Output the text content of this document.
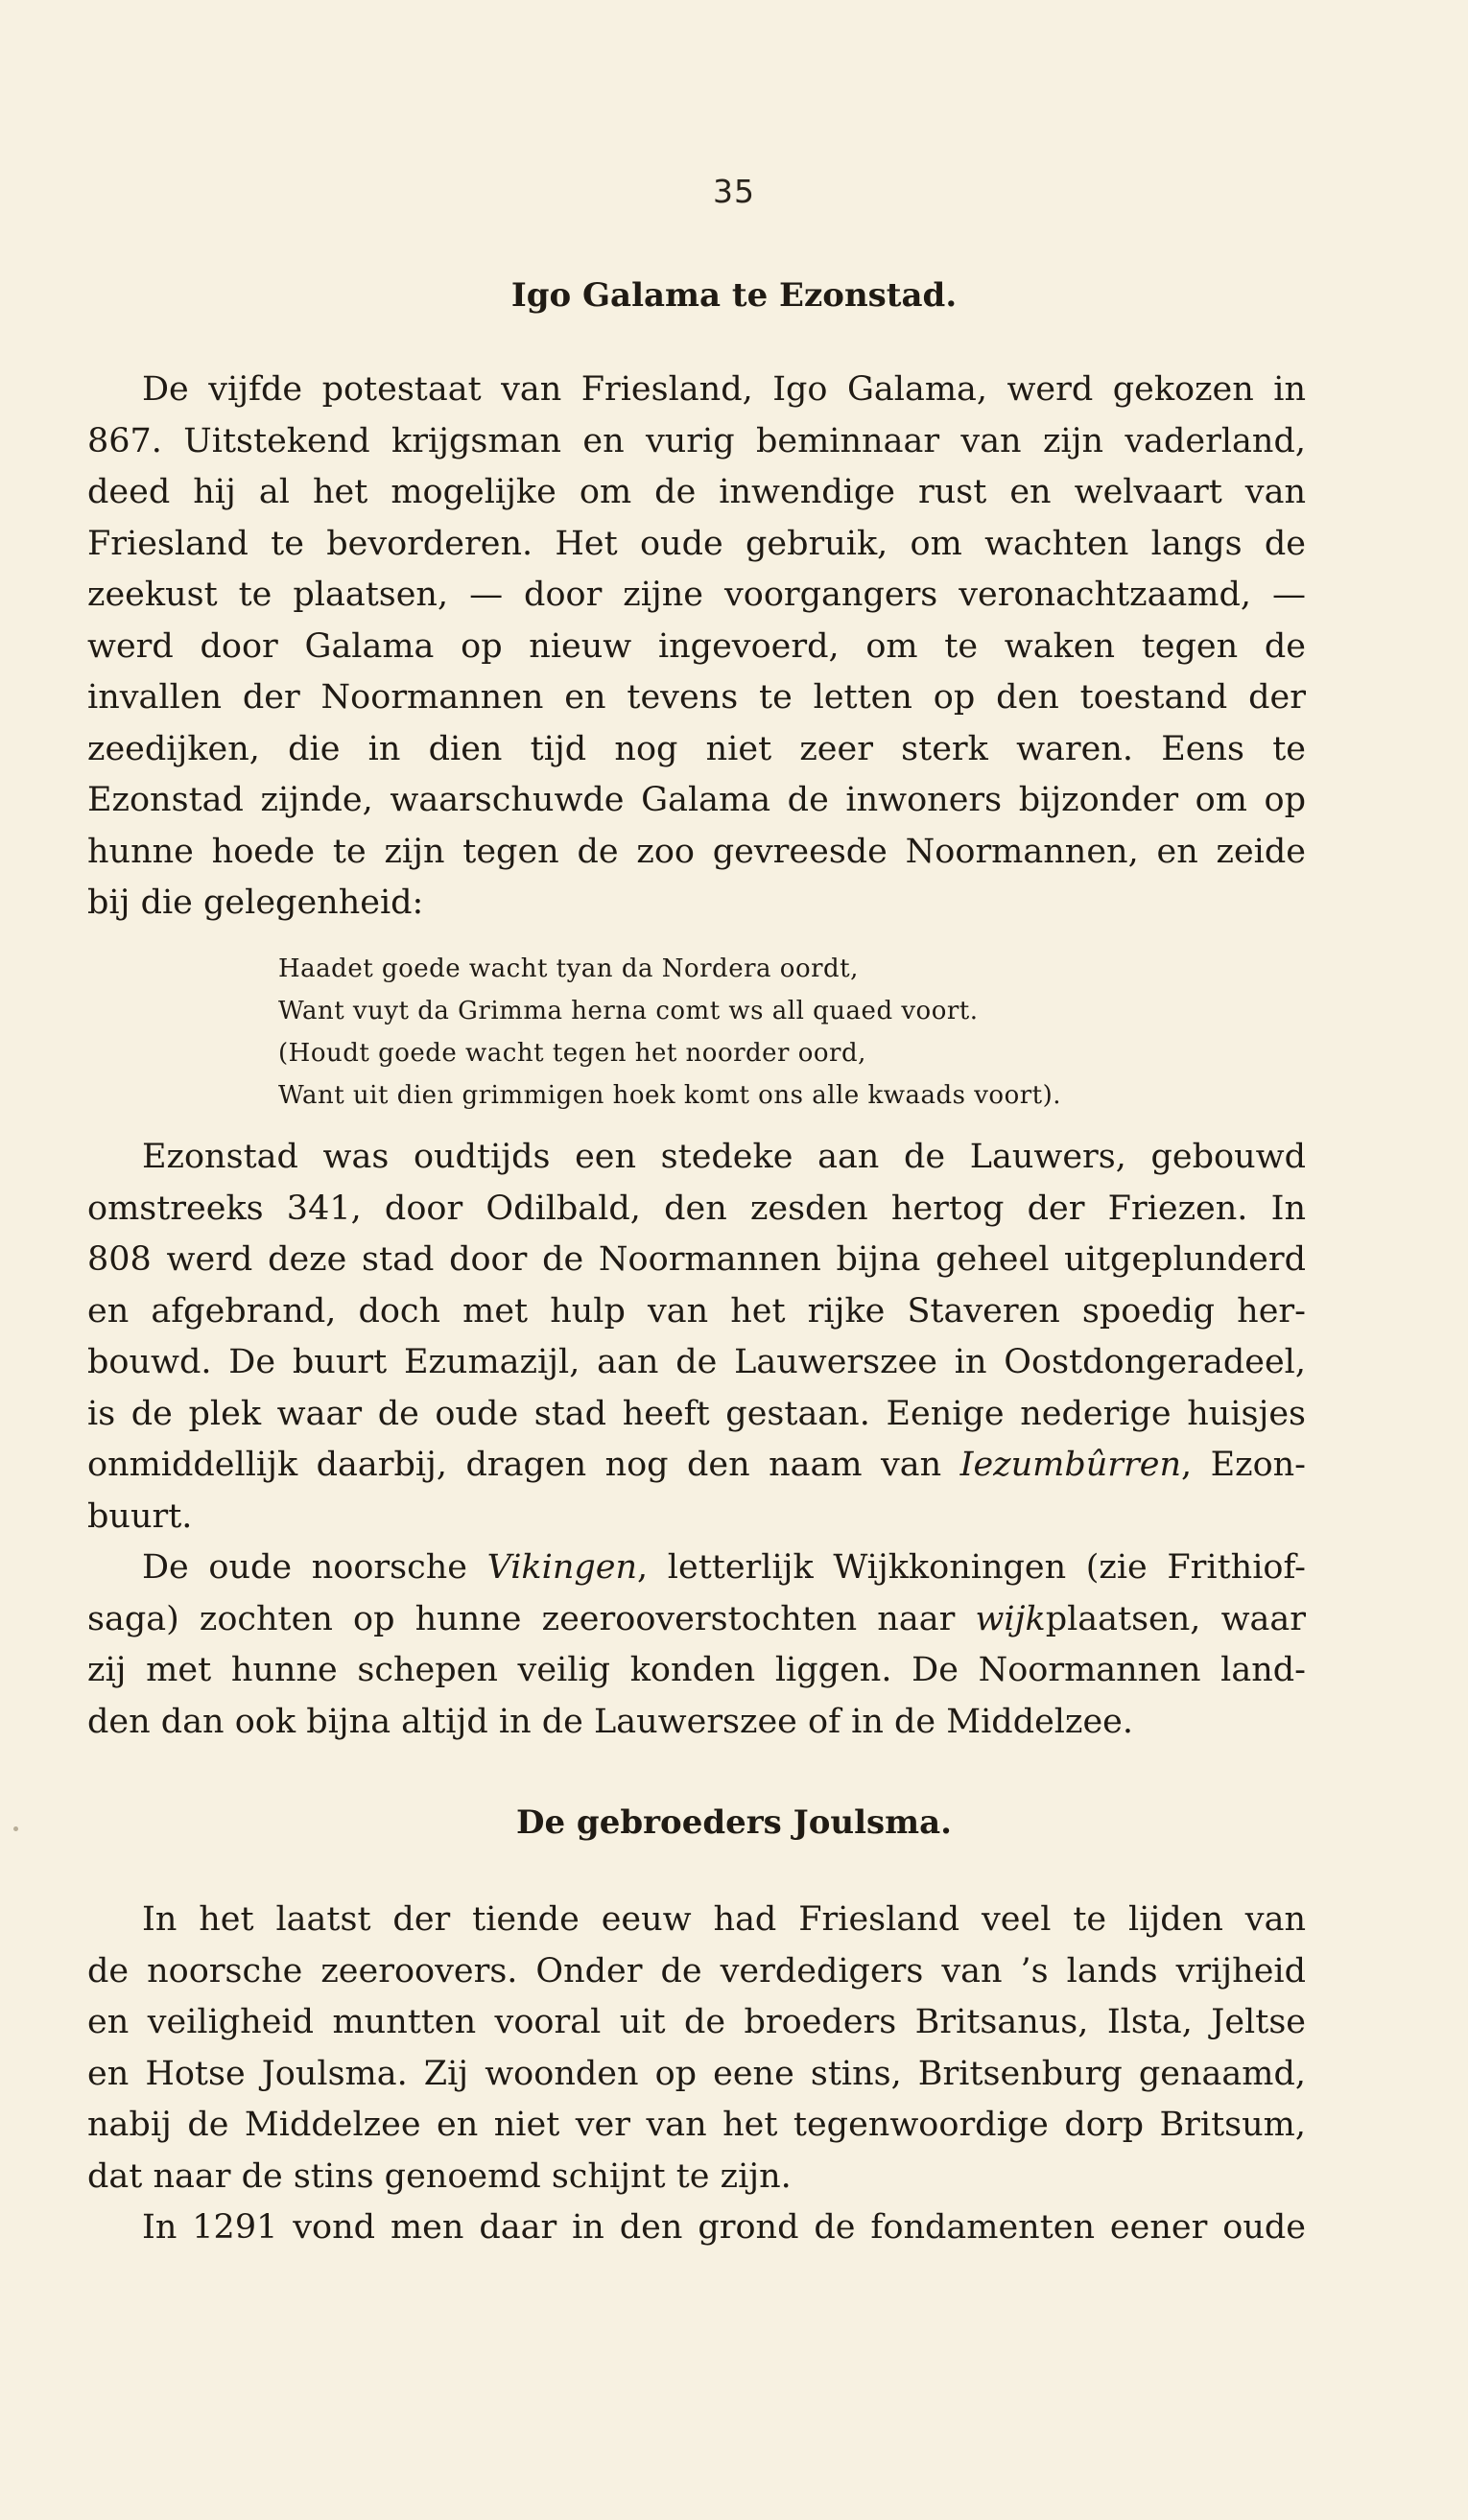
35
Igo Galama te Ezonstad.
De vijfde potestaat van Friesland, Igo Galama, werd gekozen in
867. Uitstekend krijgsman en vurig beminnaar van zijn vaderland,
deed hij al het mogelijke om de inwendige rust en welvaart van
Friesland te bevorderen. Het oude gebruik, om wachten langs de
zeekust te plaatsen, — door zijne voorgangers veronachtzaamd, —
werd door Galama op nieuw ingevoerd, om te waken tegen de
invallen der Noormannen en tevens te letten op den toestand der
zeedijken, die in dien tijd nog niet zeer sterk waren. Eens te
Ezonstad zijnde, waarschuwde Galama de inwoners bijzonder om op
hunne hoede te zijn tegen de zoo gevreesde Noormannen, en zeide
bij die gelegenheid:
Haadet goede wacht tyan da Nordera oordt,
Want vuyt da Grimma herna comt ws all quaed voort.
(Houdt goede wacht tegen het noorder oord,
Want uit dien grimmigen hoek komt ons alle kwaads voort).
Ezonstad was oudtijds een stedeke aan de Lauwers, gebouwd
omstreeks 341, door Odilbald, den zesden hertog der Friezen. In
808 werd deze stad door de Noormannen bijna geheel uitgeplunderd
en afgebrand, doch met hulp van het rijke Staveren spoedig her-
bouwd. De buurt Ezumazijl, aan de Lauwerszee in Oostdongeradeel,
is de plek waar de oude stad heeft gestaan. Eenige nederige huisjes
onmiddellijk daarbij, dragen nog den naam van Iezumbûrren, Ezon-
buurt.
De oude noorsche Vikingen, letterlijk Wijkkoningen (zie Frithiof-
saga) zochten op hunne zeerooverstochten naar wijkplaatsen, waar
zij met hunne schepen veilig konden liggen. De Noormannen land-
den dan ook bijna altijd in de Lauwerszee of in de Middelzee.
De gebroeders Joulsma.
In het laatst der tiende eeuw had Friesland veel te lijden van
de noorsche zeeroovers. Onder de verdedigers van ’s lands vrijheid
en veiligheid muntten vooral uit de broeders Britsanus, Ilsta, Jeltse
en Hotse Joulsma. Zij woonden op eene stins, Britsenburg genaamd,
nabij de Middelzee en niet ver van het tegenwoordige dorp Britsum,
dat naar de stins genoemd schijnt te zijn.
In 1291 vond men daar in den grond de fondamenten eener oude
